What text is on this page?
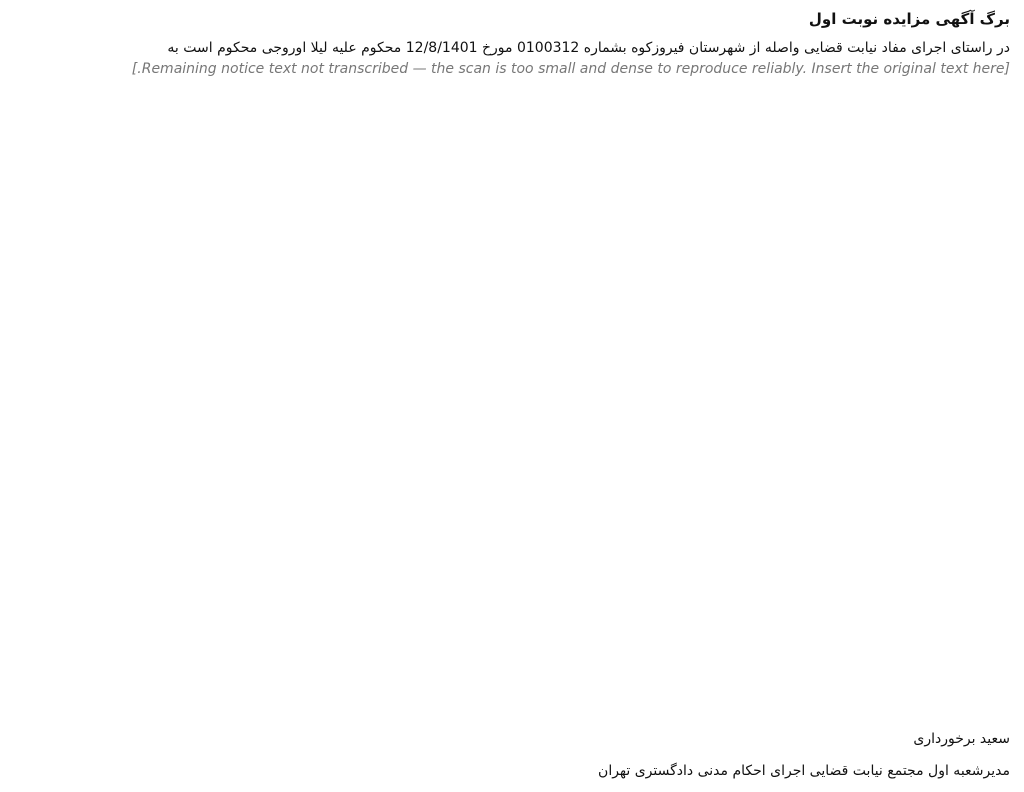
برگ آگهی مزایده نوبت اول

در راستای اجرای مفاد نیابت قضایی واصله از شهرستان فیروزکوه بشماره 0100312 مورخ 12/8/1401 محکوم علیه لیلا اوروجی محکوم است به

[Remaining notice text not transcribed — the scan is too small and dense to reproduce reliably. Insert the original text here.]

سعید برخورداری

مدیرشعبه اول مجتمع نیابت قضایی اجرای احکام مدنی دادگستری تهران
